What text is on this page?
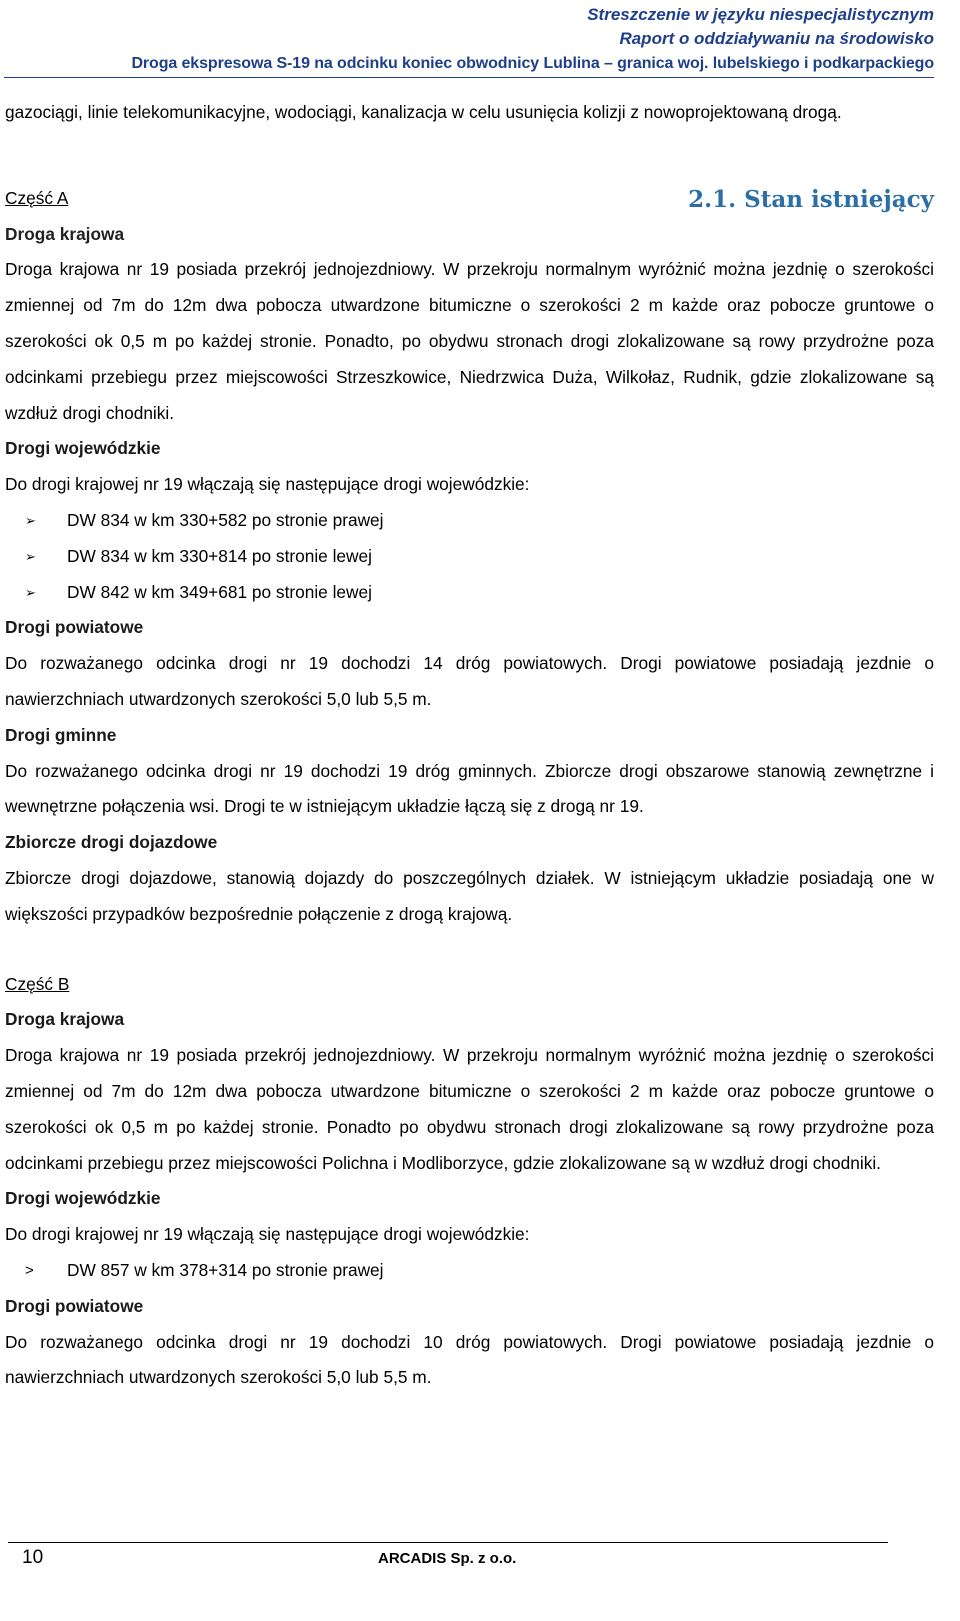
Streszczenie w języku niespecjalistycznym
Raport o oddziaływaniu na środowisko
Droga ekspresowa S-19 na odcinku koniec obwodnicy Lublina – granica woj. lubelskiego i podkarpackiego
2.1. Stan istniejący

gazociągi, linie telekomunikacyjne, wodociągi, kanalizacja w celu usunięcia kolizji z nowoprojektowaną drogą.

Część A

Droga krajowa

Droga krajowa nr 19 posiada przekrój jednojezdniowy. W przekroju normalnym wyróżnić można jezdnię o szerokości zmiennej od 7m do 12m dwa pobocza utwardzone bitumiczne o szerokości 2 m każde oraz pobocze gruntowe o szerokości ok 0,5 m po każdej stronie. Ponadto, po obydwu stronach drogi zlokalizowane są rowy przydrożne poza odcinkami przebiegu przez miejscowości Strzeszkowice, Niedrzwica Duża, Wilkołaz, Rudnik, gdzie zlokalizowane są wzdłuż drogi chodniki.

Drogi wojewódzkie

Do drogi krajowej nr 19 włączają się następujące drogi wojewódzkie:

➢	DW 834 w km 330+582 po stronie prawej
➢	DW 834 w km 330+814 po stronie lewej
➢	DW 842 w km 349+681 po stronie lewej

Drogi powiatowe

Do rozważanego odcinka drogi nr 19 dochodzi 14 dróg powiatowych. Drogi powiatowe posiadają jezdnie o nawierzchniach utwardzonych szerokości 5,0 lub 5,5 m.

Drogi gminne

Do rozważanego odcinka drogi nr 19 dochodzi 19 dróg gminnych. Zbiorcze drogi obszarowe stanowią zewnętrzne i wewnętrzne połączenia wsi. Drogi te w istniejącym układzie łączą się z drogą nr 19.

Zbiorcze drogi dojazdowe

Zbiorcze drogi dojazdowe, stanowią dojazdy do poszczególnych działek. W istniejącym układzie posiadają one w większości przypadków bezpośrednie połączenie z drogą krajową.

Część B

Droga krajowa

Droga krajowa nr 19 posiada przekrój jednojezdniowy. W przekroju normalnym wyróżnić można jezdnię o szerokości zmiennej od 7m do 12m dwa pobocza utwardzone bitumiczne o szerokości 2 m każde oraz pobocze gruntowe o szerokości ok 0,5 m po każdej stronie. Ponadto po obydwu stronach drogi zlokalizowane są rowy przydrożne poza odcinkami przebiegu przez miejscowości Polichna i Modliborzyce, gdzie zlokalizowane są w wzdłuż drogi chodniki.

Drogi wojewódzkie

Do drogi krajowej nr 19 włączają się następujące drogi wojewódzkie:

>	DW 857 w km 378+314 po stronie prawej

Drogi powiatowe

Do rozważanego odcinka drogi nr 19 dochodzi 10 dróg powiatowych. Drogi powiatowe posiadają jezdnie o nawierzchniach utwardzonych szerokości 5,0 lub 5,5 m.

10	ARCADIS Sp. z o.o.
